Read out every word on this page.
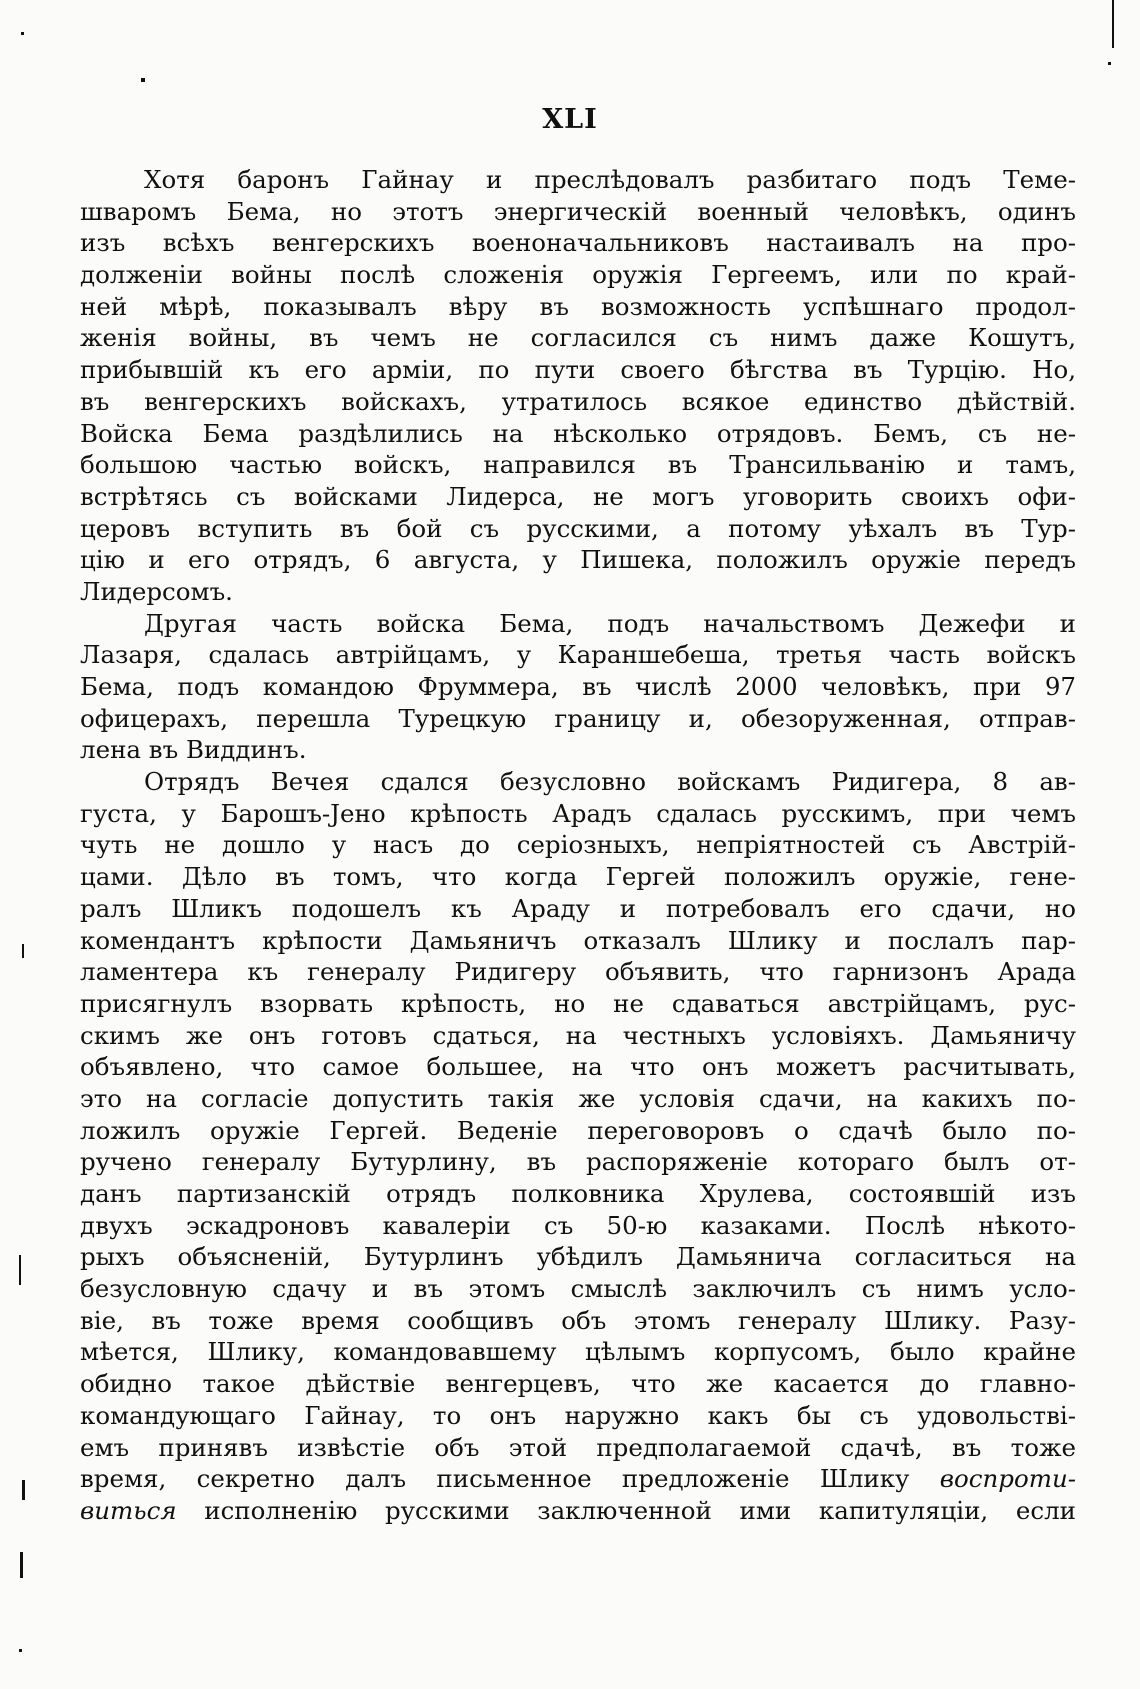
XLI
Хотя баронъ Гайнау и преслѣдовалъ разбитаго подъ Теме-
шваромъ Бема, но этотъ энергическій военный человѣкъ, одинъ
изъ всѣхъ венгерскихъ военоначальниковъ настаивалъ на про-
долженіи войны послѣ сложенія оружія Гергеемъ, или по край-
ней мѣрѣ, показывалъ вѣру въ возможность успѣшнаго продол-
женія войны, въ чемъ не согласился съ нимъ даже Кошутъ,
прибывшій къ его арміи, по пути своего бѣгства въ Турцію. Но,
въ венгерскихъ войскахъ, утратилось всякое единство дѣйствій.
Войска Бема раздѣлились на нѣсколько отрядовъ. Бемъ, съ не-
большою частью войскъ, направился въ Трансильванію и тамъ,
встрѣтясь съ войсками Лидерса, не могъ уговорить своихъ офи-
церовъ вступить въ бой съ русскими, а потому уѣхалъ въ Тур-
цію и его отрядъ, 6 августа, у Пишека, положилъ оружіе передъ
Лидерсомъ.
Другая часть войска Бема, подъ начальствомъ Дежефи и
Лазаря, сдалась автрійцамъ, у Караншебеша, третья часть войскъ
Бема, подъ командою Фруммера, въ числѣ 2000 человѣкъ, при 97
офицерахъ, перешла Турецкую границу и, обезоруженная, отправ-
лена въ Виддинъ.
Отрядъ Вечея сдался безусловно войскамъ Ридигера, 8 ав-
густа, у Барошъ-Јено крѣпость Арадъ сдалась русскимъ, при чемъ
чуть не дошло у насъ до серіозныхъ, непріятностей съ Австрій-
цами. Дѣло въ томъ, что когда Гергей положилъ оружіе, гене-
ралъ Шликъ подошелъ къ Араду и потребовалъ его сдачи, но
комендантъ крѣпости Дамьяничъ отказалъ Шлику и послалъ пар-
ламентера къ генералу Ридигеру объявить, что гарнизонъ Арада
присягнулъ взорвать крѣпость, но не сдаваться австрійцамъ, рус-
скимъ же онъ готовъ сдаться, на честныхъ условіяхъ. Дамьяничу
объявлено, что самое большее, на что онъ можетъ расчитывать,
это на согласіе допустить такія же условія сдачи, на какихъ по-
ложилъ оружіе Гергей. Веденіе переговоровъ о сдачѣ было по-
ручено генералу Бутурлину, въ распоряженіе котораго былъ от-
данъ партизанскій отрядъ полковника Хрулева, состоявшій изъ
двухъ эскадроновъ кавалеріи съ 50-ю казаками. Послѣ нѣкото-
рыхъ объясненій, Бутурлинъ убѣдилъ Дамьянича согласиться на
безусловную сдачу и въ этомъ смыслѣ заключилъ съ нимъ усло-
віе, въ тоже время сообщивъ объ этомъ генералу Шлику. Разу-
мѣется, Шлику, командовавшему цѣлымъ корпусомъ, было крайне
обидно такое дѣйствіе венгерцевъ, что же касается до главно-
командующаго Гайнау, то онъ наружно какъ бы съ удовольстві-
емъ принявъ извѣстіе объ этой предполагаемой сдачѣ, въ тоже
время, секретно далъ письменное предложеніе Шлику воспроти-
виться исполненію русскими заключенной ими капитуляціи, если
